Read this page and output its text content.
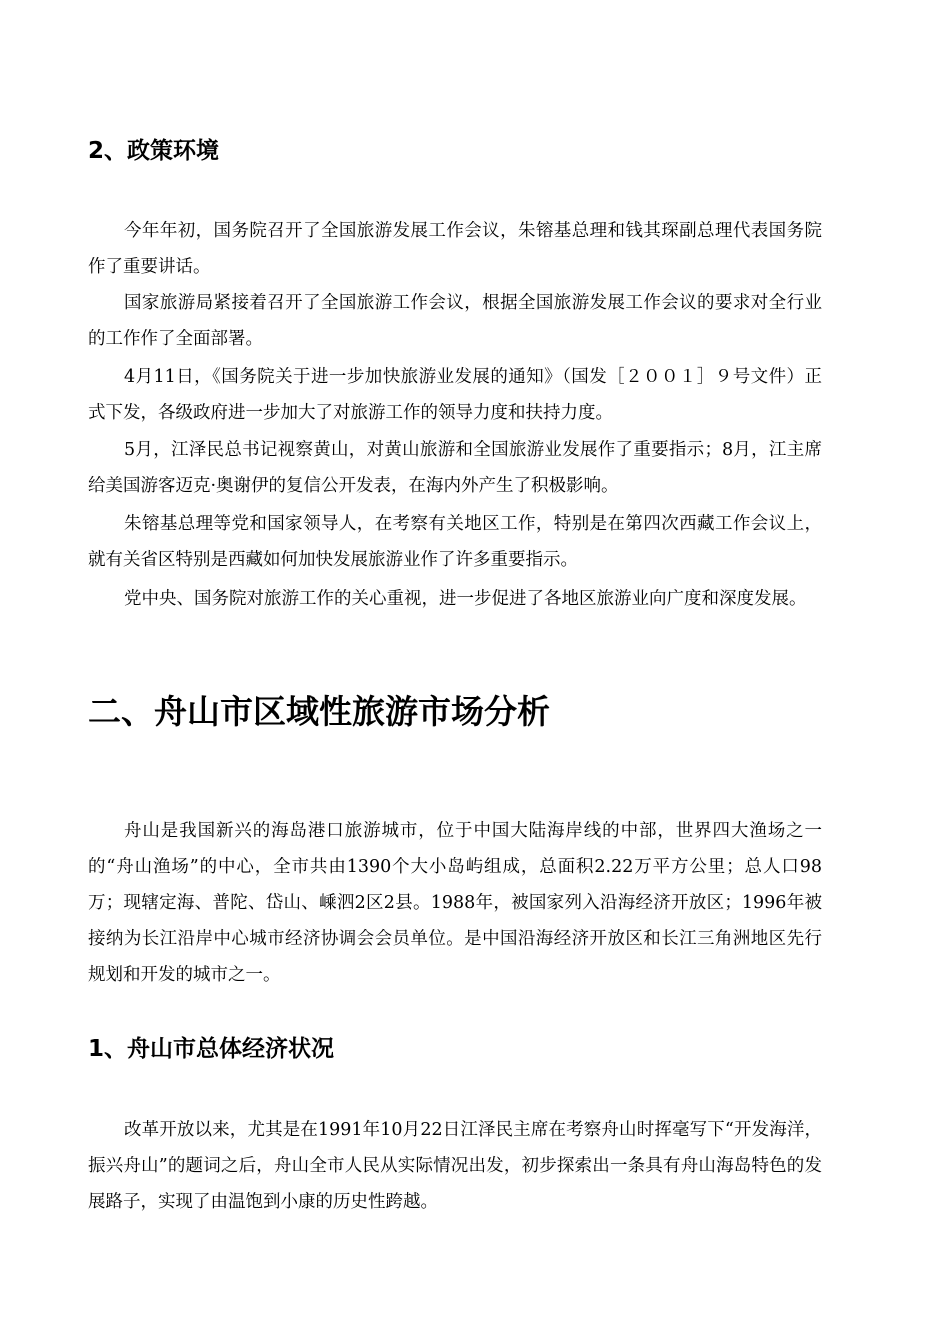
2、政策环境

今年年初，国务院召开了全国旅游发展工作会议，朱镕基总理和钱其琛副总理代表国务院作了重要讲话。

国家旅游局紧接着召开了全国旅游工作会议，根据全国旅游发展工作会议的要求对全行业的工作作了全面部署。

4月11日，《国务院关于进一步加快旅游业发展的通知》（国发［２００１］９号文件）正式下发，各级政府进一步加大了对旅游工作的领导力度和扶持力度。

5月，江泽民总书记视察黄山，对黄山旅游和全国旅游业发展作了重要指示；8月，江主席给美国游客迈克·奥谢伊的复信公开发表，在海内外产生了积极影响。

朱镕基总理等党和国家领导人，在考察有关地区工作，特别是在第四次西藏工作会议上，就有关省区特别是西藏如何加快发展旅游业作了许多重要指示。

党中央、国务院对旅游工作的关心重视，进一步促进了各地区旅游业向广度和深度发展。

二、舟山市区域性旅游市场分析

舟山是我国新兴的海岛港口旅游城市，位于中国大陆海岸线的中部，世界四大渔场之一的“舟山渔场”的中心，全市共由1390个大小岛屿组成，总面积2.22万平方公里；总人口98万；现辖定海、普陀、岱山、嵊泗2区2县。1988年，被国家列入沿海经济开放区；1996年被接纳为长江沿岸中心城市经济协调会会员单位。是中国沿海经济开放区和长江三角洲地区先行规划和开发的城市之一。

1、舟山市总体经济状况

改革开放以来，尤其是在1991年10月22日江泽民主席在考察舟山时挥毫写下“开发海洋，振兴舟山”的题词之后，舟山全市人民从实际情况出发，初步探索出一条具有舟山海岛特色的发展路子，实现了由温饱到小康的历史性跨越。
